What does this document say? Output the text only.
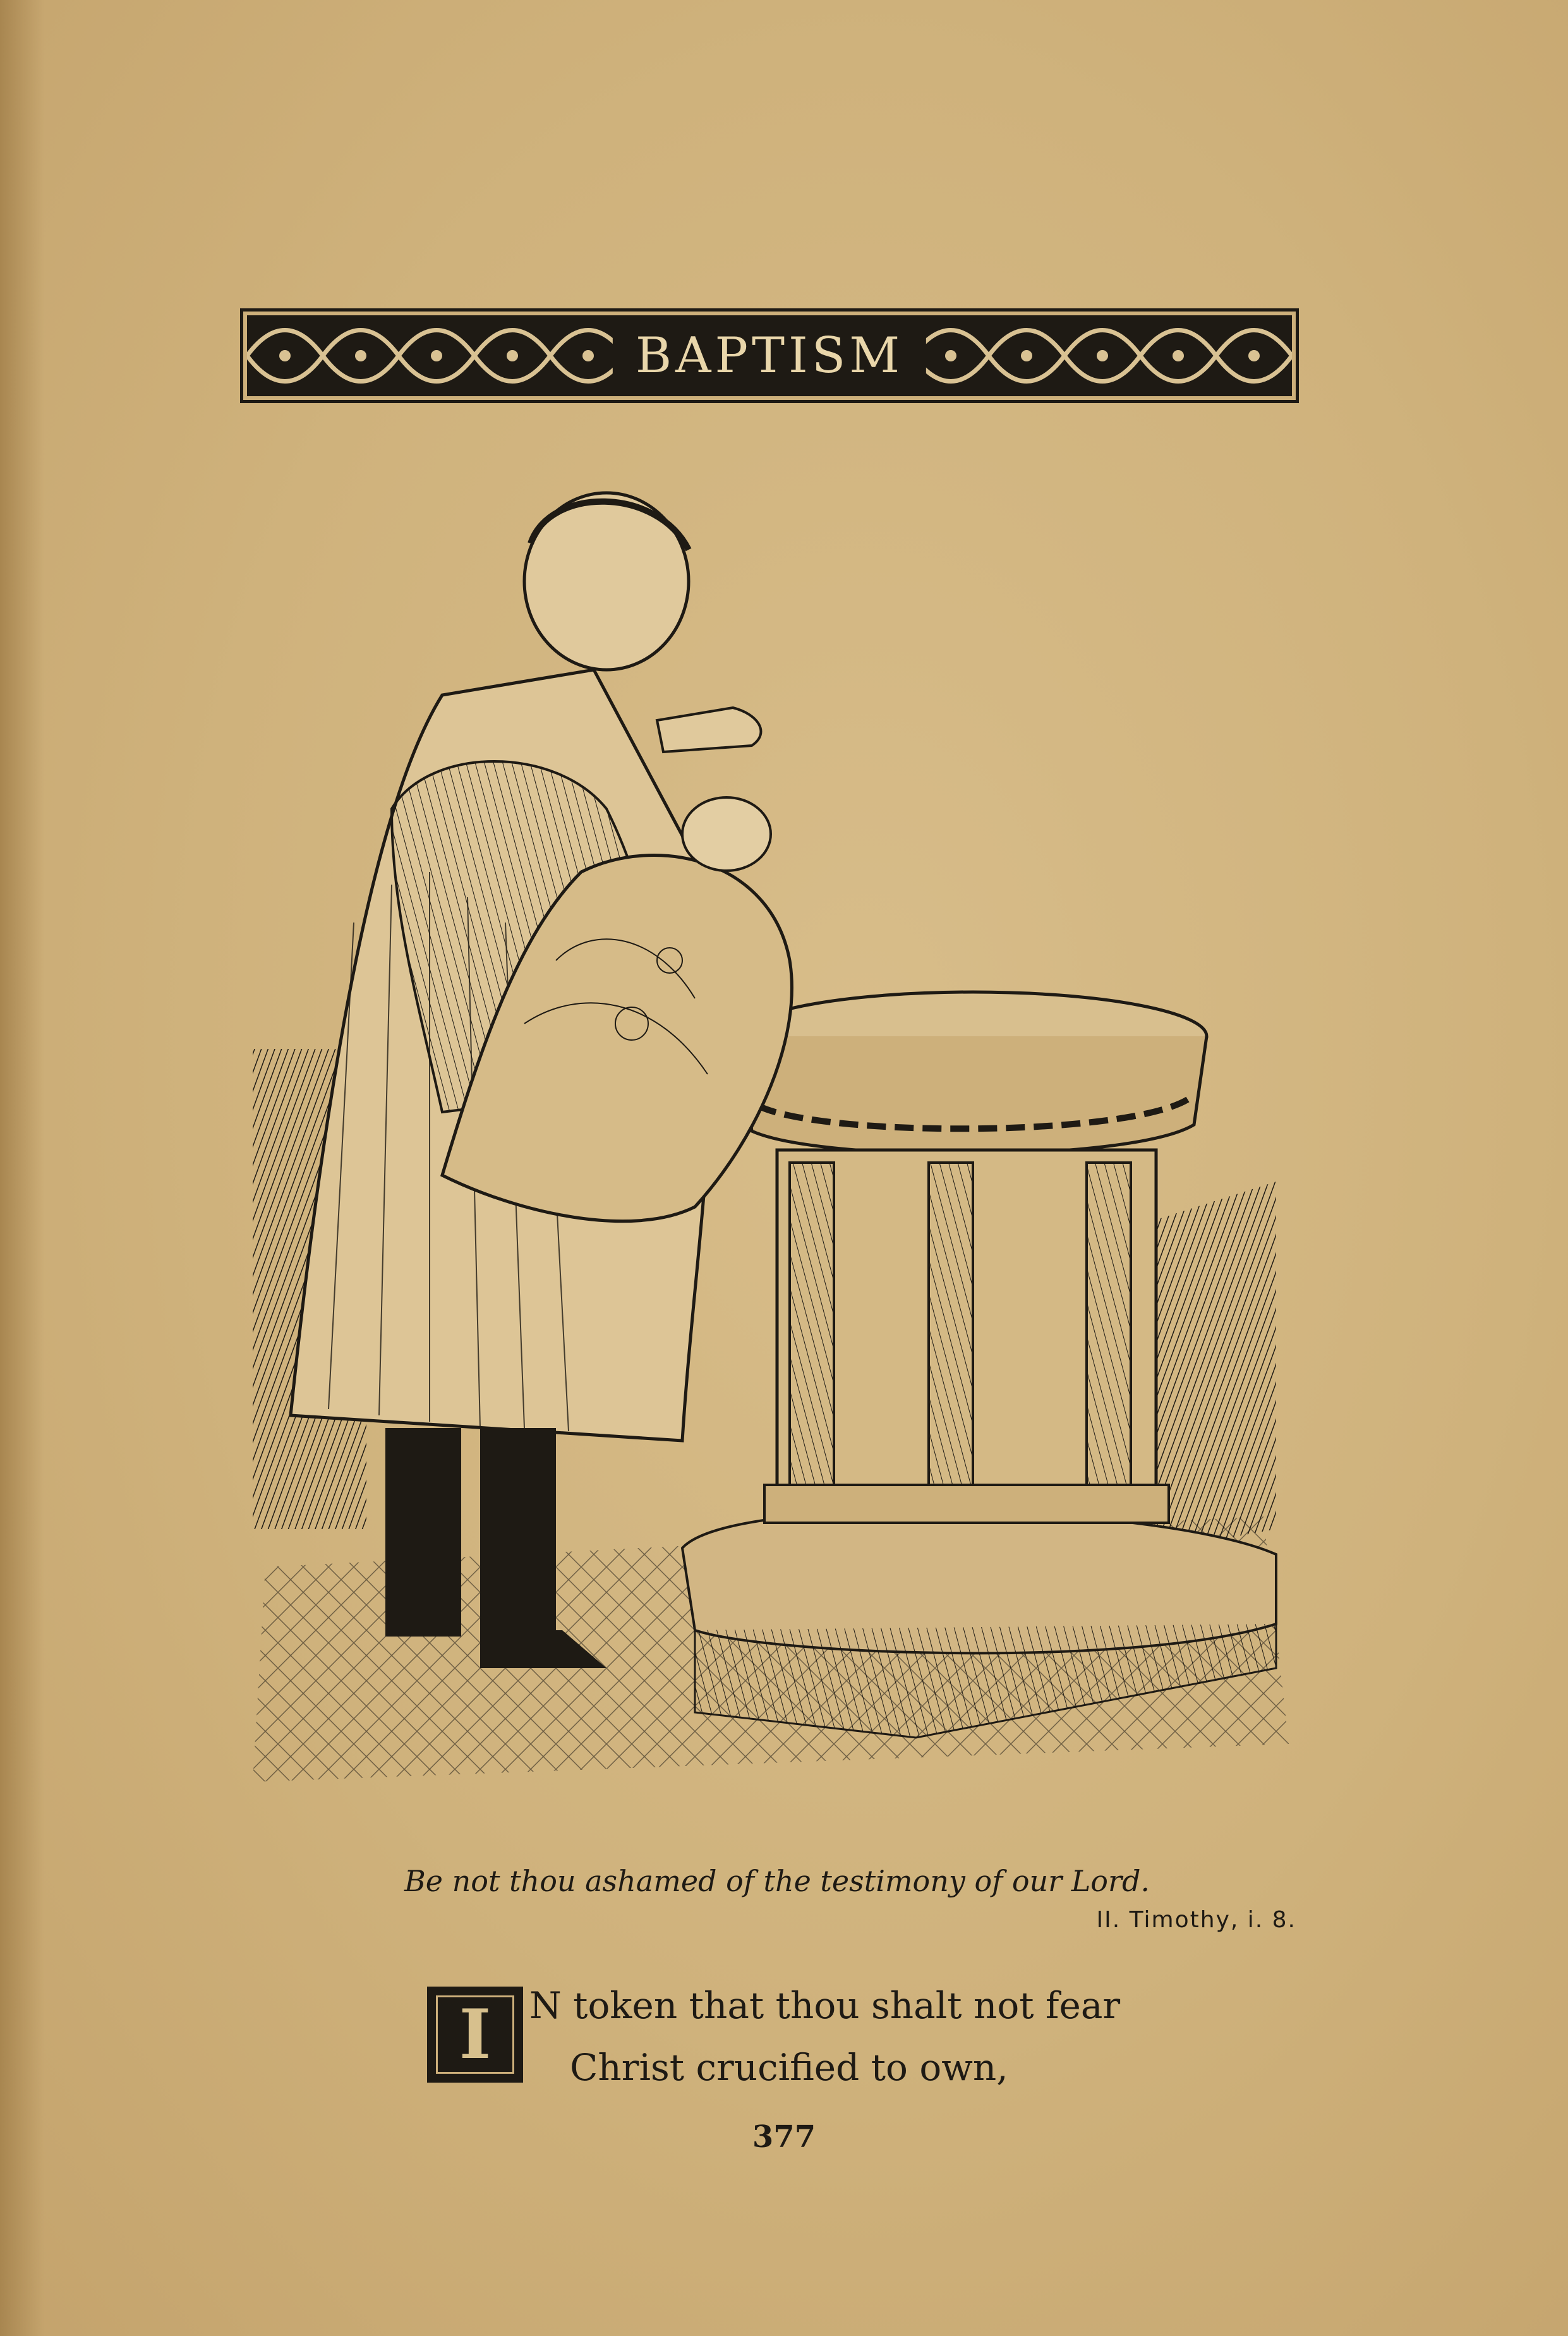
BAPTISM
Be not thou ashamed of the testimony of our Lord.
II. Timothy, i. 8.
I	N token that thou shalt not fear
Christ crucified to own,
377
